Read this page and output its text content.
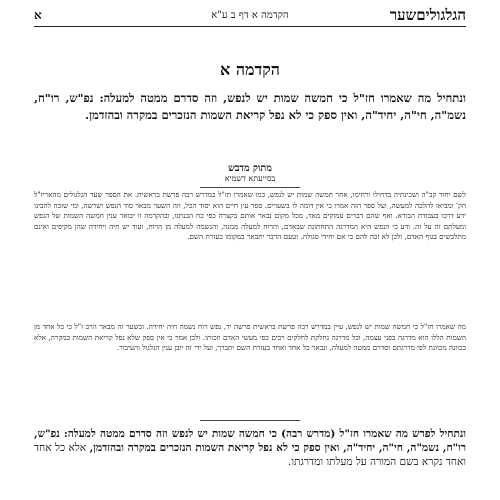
א	הקדמה א דף ב ע"א	הגלגוליםשער
הקדמה א

ונתחיל מה שאמרו חז"ל כי חמשה שמות יש לנפש, וזה סדרם ממטה למעלה: נפ"ש, רו"ח, נשמ"ה, חי"ה, יחיד"ה, ואין ספק כי לא נפל קריאת השמות הנזכרים במקרה ובהזדמן.

מתוק מדבש
בסייעתא דשמיא

לשם יחוד קב"ה ושכינתיה בדחילו ורחימו, אחר חמשה שמות יש לנפש, כמו שאמרו חז"ל במדרש רבה פרשת בראשית. את הספר שער הגלגולים מהאריז"ל הק' ומביאו להלכה למעשה, ועל ספר הזה אמרו כי אין דומה לו בשערים. ספר עץ חיים הוא יסוד הכל, וזה השער מבאר סוד הנפש ושרשה, ומי שזכה להבינו ידע דרכו בעבודת הבורא. ואף שהם דברים עמוקים מאד, מכל מקום נבאר אותם בקצרה כפי כח הבנתנו, ובהקדמה זו יבואר ענין חמשה השמות של הנפש ומעלתם זה על זה. ודע כי הנפש היא המדרגה התחתונה שבאדם, והרוח למעלה ממנה, והנשמה למעלה מן הרוח, ועוד יש חיה ויחידה שהן מקיפים ואינם מתלבשים בגוף האדם, ולכן לא זכה להם כי אם יחידי סגולה. וטעם הדבר יתבאר במקומו בעזרת השם.

מה שאמרו חז"ל כי חמשה שמות יש לנפש, עיין במדרש רבה פרשת בראשית פרשה יד, נפש רוח נשמה חיה יחידה. ובשער זה מבאר הרב ז"ל כי כל אחד מן השמות הללו הוא מדרגה בפני עצמה, וכל מדרגה נחלקת לחלקים רבים כפי מעשי האדם וזכותו. ולכן אמר כי אין ספק שלא נפל קריאת השמות במקרה, אלא בכוונה מכוונת לפי מדרגתם וסדרם ממטה למעלה, ונבאר כל אחד ואחד בעזרת השם יתברך, ועל ידי זה יובן ענין הגלגול והעיבור.

ונתחיל לפרש מה שאמרו חז"ל (מדרש רבה) כי חמשה שמות יש לנפש וזה סדרם ממטה למעלה: נפ"ש, רו"ח, נשמ"ה, חי"ה, יחיד"ה, ואין ספק כי לא נפל קריאת השמות הנזכרים במקרה ובהזדמן, אלא כל אחד ואחד נקרא בשם המורה על מעלתו ומדרגתו.
